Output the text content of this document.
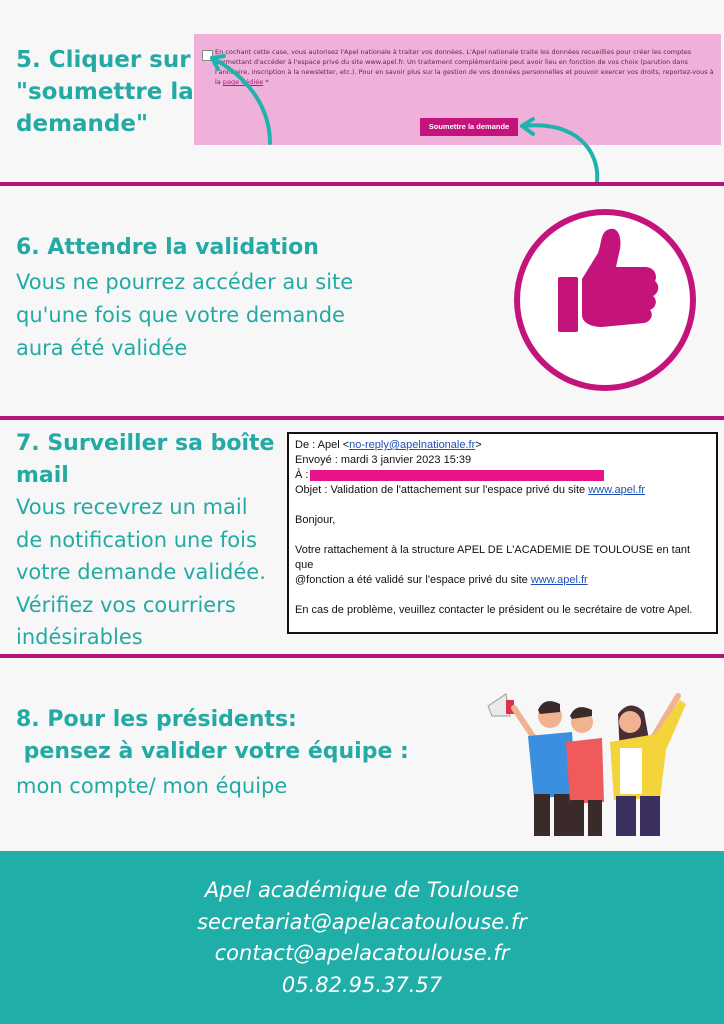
5. Cliquer sur

"soumettre la

demande"

En cochant cette case, vous autorisez l'Apel nationale à traiter vos données. L'Apel nationale traite les données recueillies pour créer les comptes permettant d'accéder à l'espace privé du site www.apel.fr. Un traitement complémentaire peut avoir lieu en fonction de vos choix (parution dans l'annuaire, inscription à la newsletter, etc.). Pour en savoir plus sur la gestion de vos données personnelles et pouvoir exercer vos droits, reportez-vous à la page dédiée *

Soumettre la demande

6. Attendre la validation

Vous ne pourrez accéder au site

qu'une fois que votre demande

aura été validée

7. Surveiller sa boîte

mail

Vous recevrez un mail

de notification une fois

votre demande validée.

Vérifiez vos courriers

indésirables

De : Apel <no-reply@apelnationale.fr>

Envoyé : mardi 3 janvier 2023 15:39

À :

Objet : Validation de l'attachement sur l'espace privé du site www.apel.fr

Bonjour,

Votre rattachement à la structure APEL DE L'ACADEMIE DE TOULOUSE en tant que

@fonction a été validé sur l'espace privé du site www.apel.fr

En cas de problème, veuillez contacter le président ou le secrétaire de votre Apel.

8. Pour les présidents:

pensez à valider votre équipe :

mon compte/ mon équipe

Apel académique de Toulouse

secretariat@apelacatoulouse.fr

contact@apelacatoulouse.fr

05.82.95.37.57
